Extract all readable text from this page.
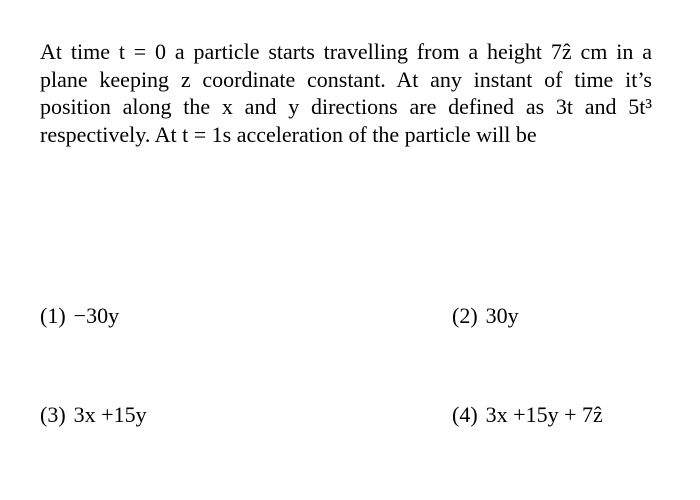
At time t = 0 a particle starts travelling from a height 7ẑ cm in a plane keeping z coordinate constant. At any instant of time it’s position along the x and y directions are defined as 3t and 5t³ respectively. At t = 1s acceleration of the particle will be

(1) −30y	(2) 30y
(3) 3x +15y	(4) 3x +15y + 7ẑ
